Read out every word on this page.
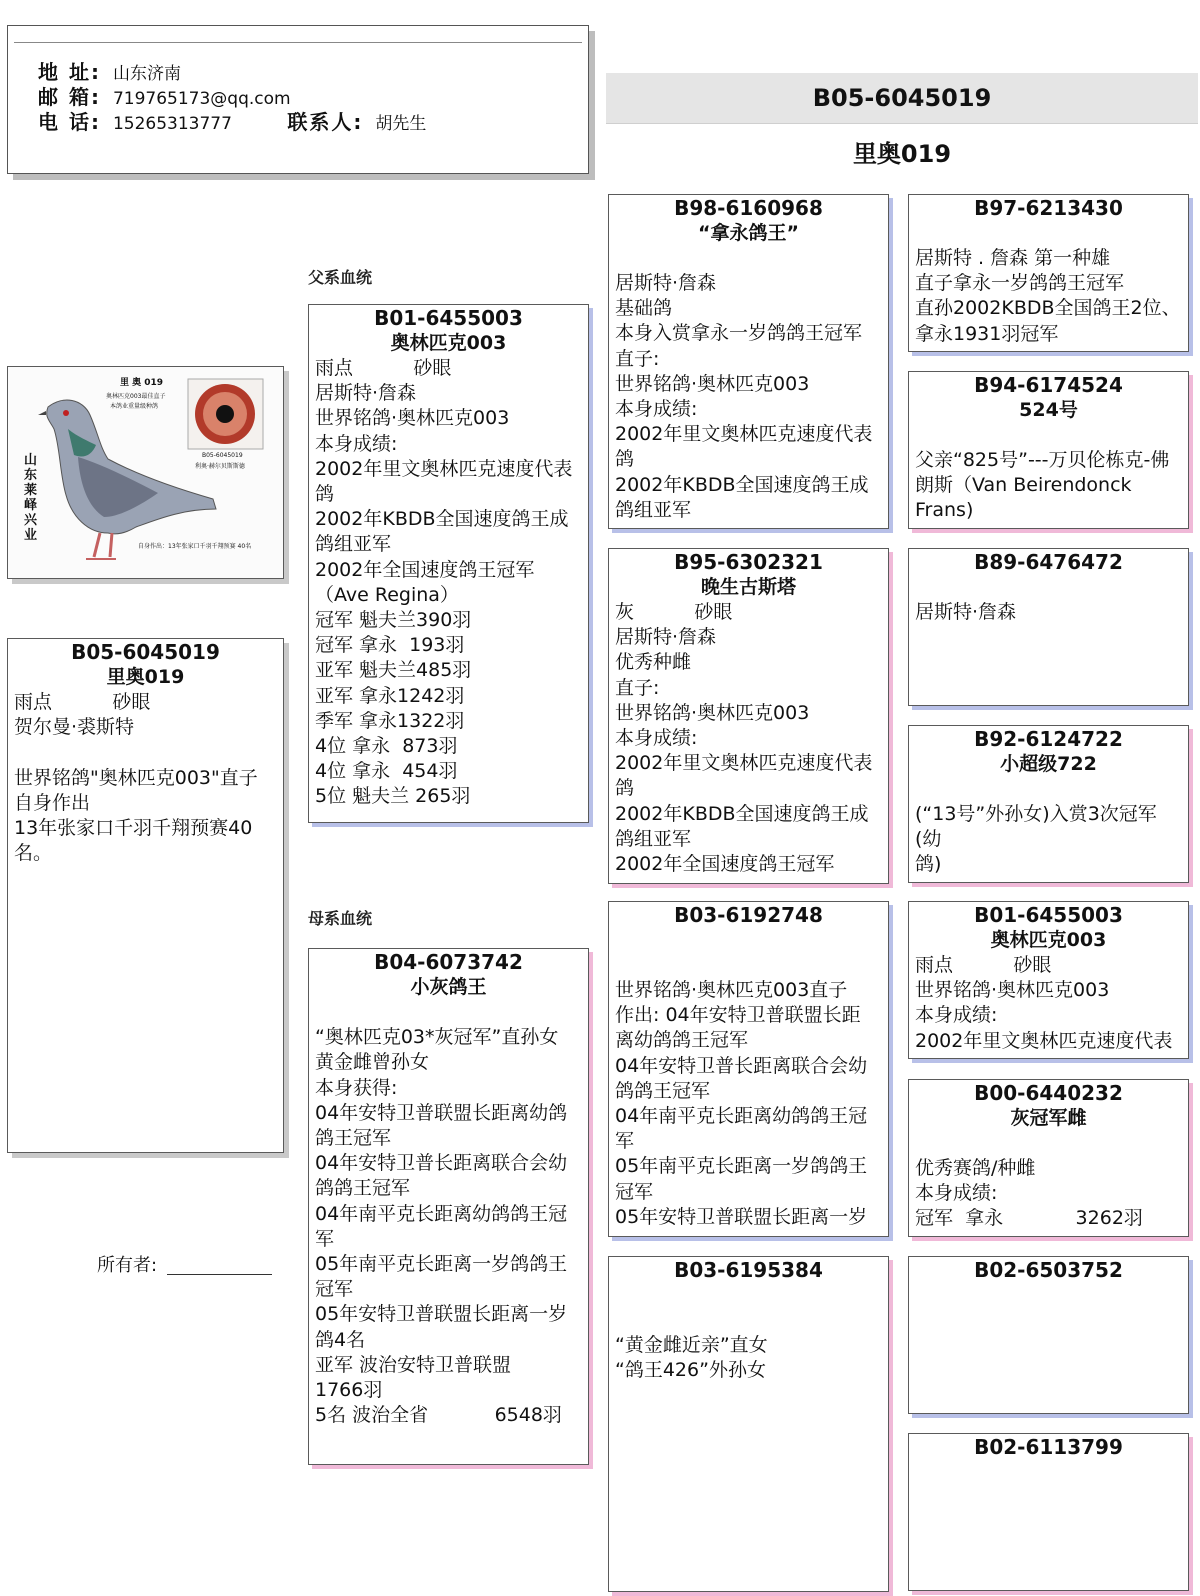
地 址: 山东济南
邮 箱: 719765173@qq.com
电 话: 15265313777	联系人: 胡先生
B05-6045019
里奥019
里 奥 019
奥林匹克003最佳直子
本鸽业重量级种鸽
B05-6045019
利奥·赫尔贝斯斯德
山东莱峄兴业
自身作出：13年张家口千羽千翔预赛 40名
B05-6045019
里奥019
雨点          砂眼
贺尔曼·裘斯特

世界铭鸽"奥林匹克003"直子
自身作出
13年张家口千羽千翔预赛40
名。
父系血统
母系血统
所有者:
B01-6455003
奥林匹克003
雨点          砂眼
居斯特·詹森
世界铭鸽·奥林匹克003
本身成绩:
2002年里文奥林匹克速度代表
鸽
2002年KBDB全国速度鸽王成
鸽组亚军
2002年全国速度鸽王冠军
（Ave Regina）
冠军 魁夫兰390羽
冠军 拿永  193羽
亚军 魁夫兰485羽
亚军 拿永1242羽
季军 拿永1322羽
4位 拿永  873羽
4位 拿永  454羽
5位 魁夫兰 265羽
B04-6073742
小灰鸽王

“奥林匹克03*灰冠军”直孙女
黄金雌曾孙女
本身获得:
04年安特卫普联盟长距离幼鸽
鸽王冠军
04年安特卫普长距离联合会幼
鸽鸽王冠军
04年南平克长距离幼鸽鸽王冠
军
05年南平克长距离一岁鸽鸽王
冠军
05年安特卫普联盟长距离一岁
鸽4名
亚军 波治安特卫普联盟
1766羽
5名 波治全省           6548羽
B98-6160968
“拿永鸽王”
居斯特·詹森
基础鸽
本身入赏拿永一岁鸽鸽王冠军
直子:
世界铭鸽·奥林匹克003
本身成绩:
2002年里文奥林匹克速度代表
鸽
2002年KBDB全国速度鸽王成
鸽组亚军
B95-6302321
晚生古斯塔
灰          砂眼
居斯特·詹森
优秀种雌
直子:
世界铭鸽·奥林匹克003
本身成绩:
2002年里文奥林匹克速度代表
鸽
2002年KBDB全国速度鸽王成
鸽组亚军
2002年全国速度鸽王冠军
B03-6192748
世界铭鸽·奥林匹克003直子
作出: 04年安特卫普联盟长距
离幼鸽鸽王冠军
04年安特卫普长距离联合会幼
鸽鸽王冠军
04年南平克长距离幼鸽鸽王冠
军
05年南平克长距离一岁鸽鸽王
冠军
05年安特卫普联盟长距离一岁
B03-6195384
“黄金雌近亲”直女
“鸽王426”外孙女
B97-6213430
居斯特 . 詹森 第一种雄
直子拿永一岁鸽鸽王冠军
直孙2002KBDB全国鸽王2位、
拿永1931羽冠军
B94-6174524
524号
父亲“825号”---万贝伦栋克-佛
朗斯（Van Beirendonck
Frans)
B89-6476472
居斯特·詹森
B92-6124722
小超级722
(“13号”外孙女)入赏3次冠军(幼
鸽)
B01-6455003
奥林匹克003
雨点          砂眼
世界铭鸽·奥林匹克003
本身成绩:
2002年里文奥林匹克速度代表
B00-6440232
灰冠军雌
优秀赛鸽/种雌
本身成绩:
冠军  拿永            3262羽
B02-6503752
B02-6113799
